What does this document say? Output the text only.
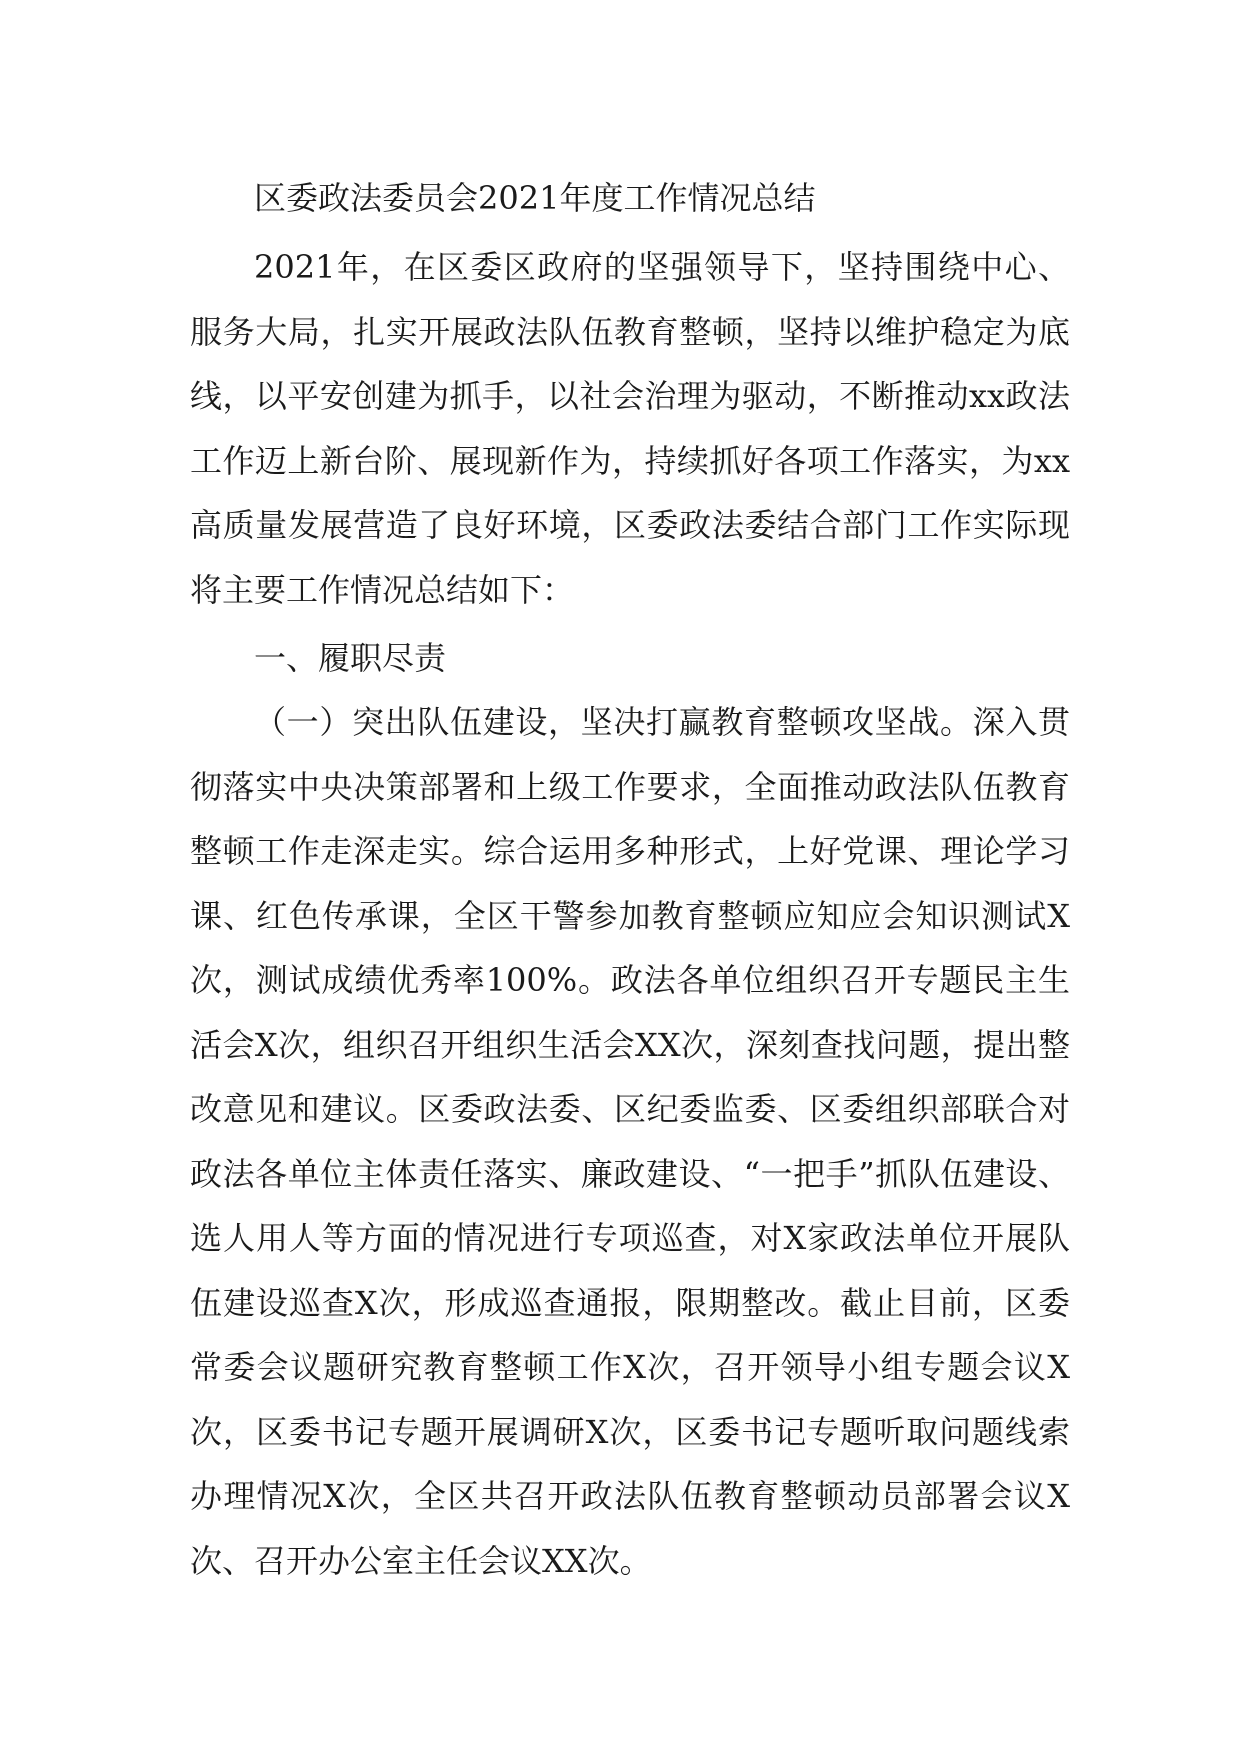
区委政法委员会2021年度工作情况总结
2021年，在区委区政府的坚强领导下，坚持围绕中心、服务大局，扎实开展政法队伍教育整顿，坚持以维护稳定为底线，以平安创建为抓手，以社会治理为驱动，不断推动xx政法工作迈上新台阶、展现新作为，持续抓好各项工作落实，为xx高质量发展营造了良好环境，区委政法委结合部门工作实际现将主要工作情况总结如下：
一、履职尽责
（一）突出队伍建设，坚决打赢教育整顿攻坚战。深入贯彻落实中央决策部署和上级工作要求，全面推动政法队伍教育整顿工作走深走实。综合运用多种形式，上好党课、理论学习课、红色传承课，全区干警参加教育整顿应知应会知识测试X次，测试成绩优秀率100%。政法各单位组织召开专题民主生活会X次，组织召开组织生活会XX次，深刻查找问题，提出整改意见和建议。区委政法委、区纪委监委、区委组织部联合对政法各单位主体责任落实、廉政建设、“一把手”抓队伍建设、选人用人等方面的情况进行专项巡查，对X家政法单位开展队伍建设巡查X次，形成巡查通报，限期整改。截止目前，区委常委会议题研究教育整顿工作X次，召开领导小组专题会议X次，区委书记专题开展调研X次，区委书记专题听取问题线索办理情况X次，全区共召开政法队伍教育整顿动员部署会议X次、召开办公室主任会议XX次。
